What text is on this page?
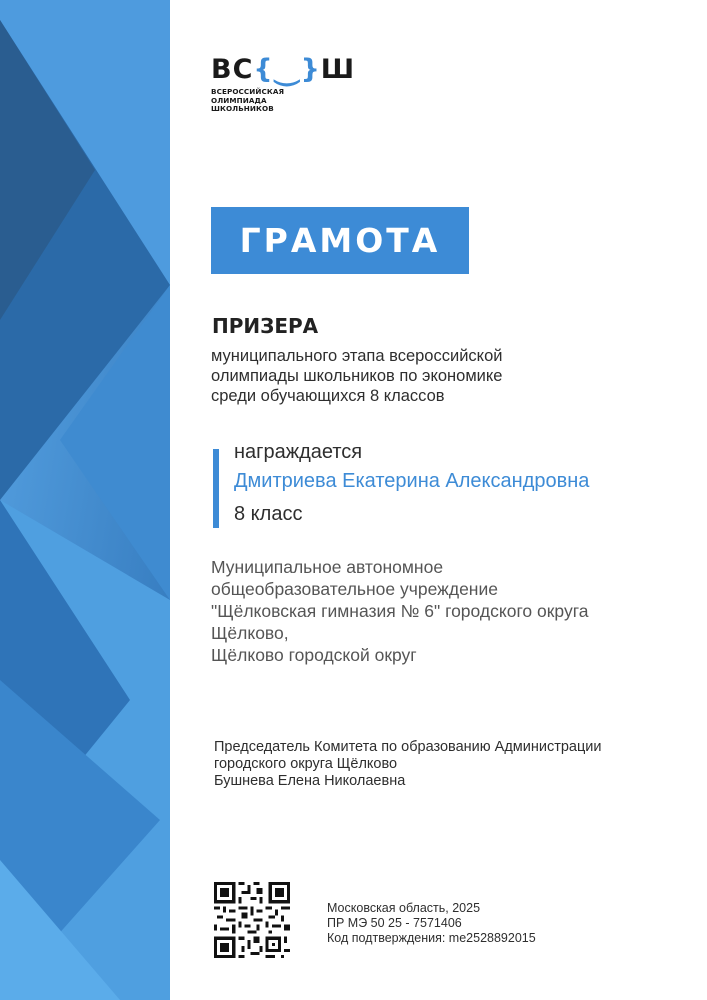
ВС{⏝}Ш
ВСЕРОССИЙСКАЯ
ОЛИМПИАДА
ШКОЛЬНИКОВ
ГРАМОТА
ПРИЗЕРА
муниципального этапа всероссийской
олимпиады школьников по экономике
среди обучающихся 8 классов
награждается
Дмитриева Екатерина Александровна
8 класс
Муниципальное автономное
общеобразовательное учреждение
"Щёлковская гимназия № 6" городского округа
Щёлково,
Щёлково городской округ
Председатель Комитета по образованию Администрации
городского округа Щёлково
Бушнева Елена Николаевна
Московская область, 2025
ПР МЭ 50 25 - 7571406
Код подтверждения: me2528892015
